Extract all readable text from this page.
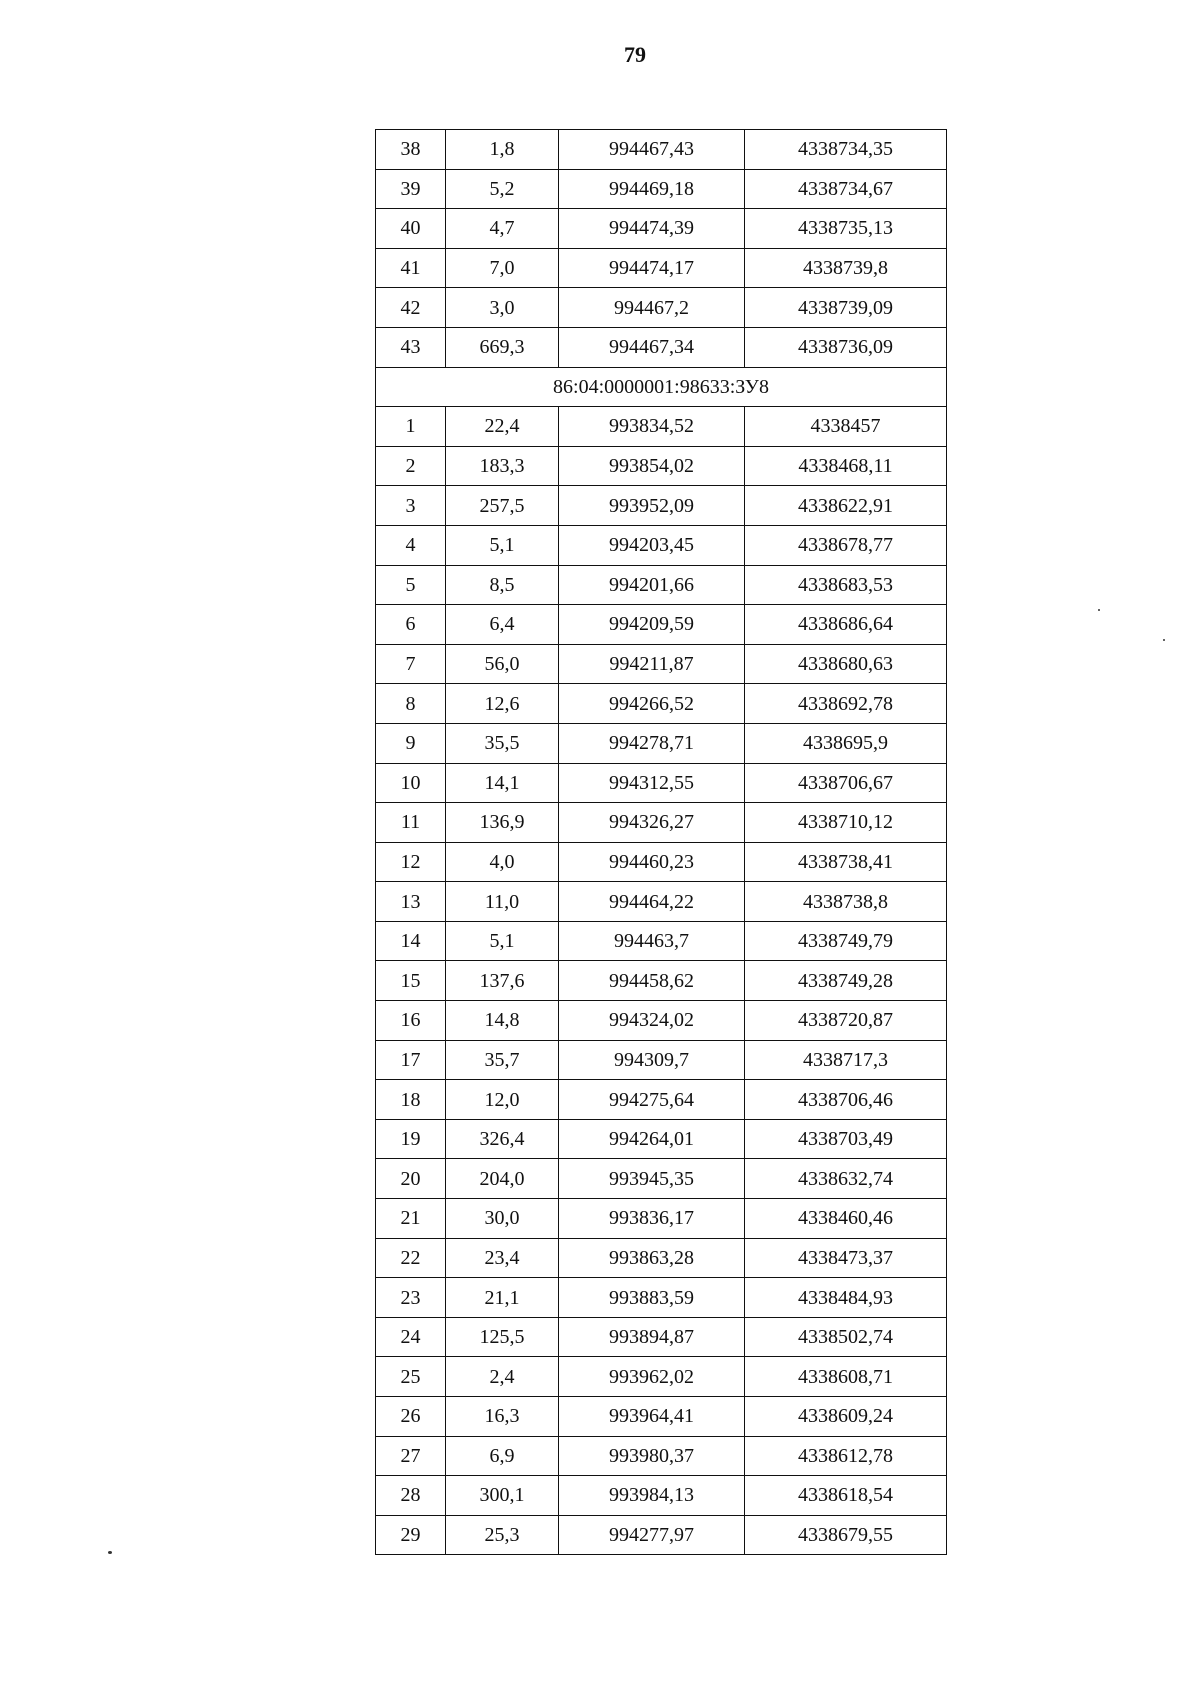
79
38	1,8	994467,43	4338734,35
39	5,2	994469,18	4338734,67
40	4,7	994474,39	4338735,13
41	7,0	994474,17	4338739,8
42	3,0	994467,2	4338739,09
43	669,3	994467,34	4338736,09
86:04:0000001:98633:ЗУ8			
1	22,4	993834,52	4338457
2	183,3	993854,02	4338468,11
3	257,5	993952,09	4338622,91
4	5,1	994203,45	4338678,77
5	8,5	994201,66	4338683,53
6	6,4	994209,59	4338686,64
7	56,0	994211,87	4338680,63
8	12,6	994266,52	4338692,78
9	35,5	994278,71	4338695,9
10	14,1	994312,55	4338706,67
11	136,9	994326,27	4338710,12
12	4,0	994460,23	4338738,41
13	11,0	994464,22	4338738,8
14	5,1	994463,7	4338749,79
15	137,6	994458,62	4338749,28
16	14,8	994324,02	4338720,87
17	35,7	994309,7	4338717,3
18	12,0	994275,64	4338706,46
19	326,4	994264,01	4338703,49
20	204,0	993945,35	4338632,74
21	30,0	993836,17	4338460,46
22	23,4	993863,28	4338473,37
23	21,1	993883,59	4338484,93
24	125,5	993894,87	4338502,74
25	2,4	993962,02	4338608,71
26	16,3	993964,41	4338609,24
27	6,9	993980,37	4338612,78
28	300,1	993984,13	4338618,54
29	25,3	994277,97	4338679,55
